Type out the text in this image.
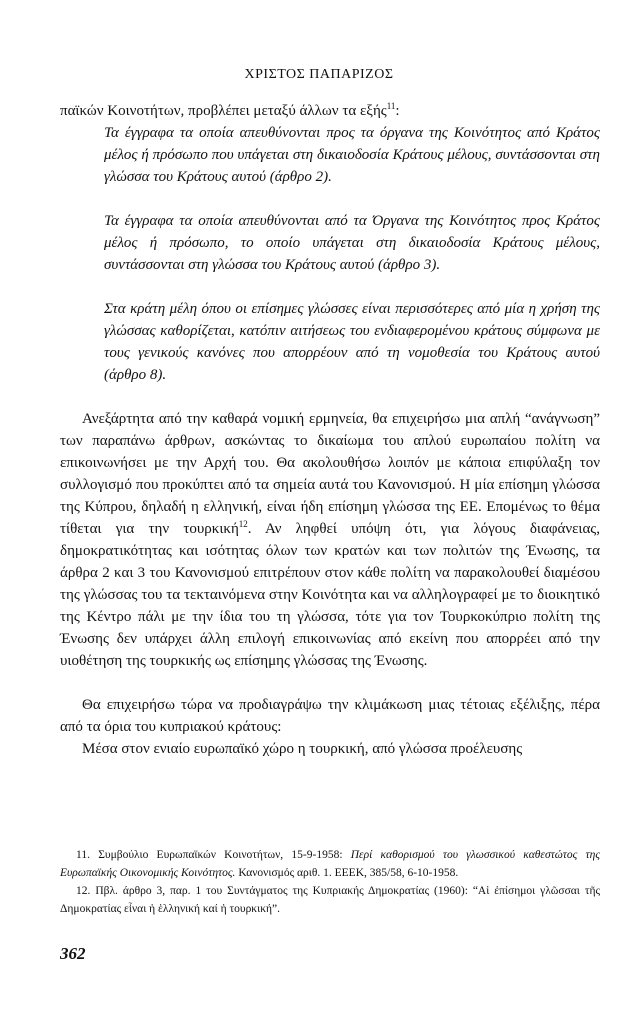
ΧΡΙΣΤΟΣ ΠΑΠΑΡΙΖΟΣ

παϊκών Κοινοτήτων, προβλέπει μεταξύ άλλων τα εξής$^{11}$:

Τα έγγραφα τα οποία απευθύνονται προς τα όργανα της Κοινότητος από Κράτος μέλος ή πρόσωπο που υπάγεται στη δικαιοδοσία Κράτους μέλους, συντάσσονται στη γλώσσα του Κράτους αυτού (άρθρο 2).

Τα έγγραφα τα οποία απευθύνονται από τα Όργανα της Κοινότητος προς Κράτος μέλος ή πρόσωπο, το οποίο υπάγεται στη δικαιοδοσία Κράτους μέλους, συντάσσονται στη γλώσσα του Κράτους αυτού (άρθρο 3).

Στα κράτη μέλη όπου οι επίσημες γλώσσες είναι περισσότερες από μία η χρήση της γλώσσας καθορίζεται, κατόπιν αιτήσεως του ενδιαφερομένου κράτους σύμφωνα με τους γενικούς κανόνες που απορρέουν από τη νομοθεσία του Κράτους αυτού (άρθρο 8).

Ανεξάρτητα από την καθαρά νομική ερμηνεία, θα επιχειρήσω μια απλή “ανάγνωση” των παραπάνω άρθρων, ασκώντας το δικαίωμα του απλού ευρωπαίου πολίτη να επικοινωνήσει με την Αρχή του. Θα ακολουθήσω λοιπόν με κάποια επιφύλαξη τον συλλογισμό που προκύπτει από τα σημεία αυτά του Κανονισμού. Η μία επίσημη γλώσσα της Κύπρου, δηλαδή η ελληνική, είναι ήδη επίσημη γλώσσα της ΕΕ. Επομένως το θέμα τίθεται για την τουρκική$^{12}$. Αν ληφθεί υπόψη ότι, για λόγους διαφάνειας, δημοκρατικότητας και ισότητας όλων των κρατών και των πολιτών της Ένωσης, τα άρθρα 2 και 3 του Κανονισμού επιτρέπουν στον κάθε πολίτη να παρακολουθεί διαμέσου της γλώσσας του τα τεκταινόμενα στην Κοινότητα και να αλληλογραφεί με το διοικητικό της Κέντρο πάλι με την ίδια του τη γλώσσα, τότε για τον Τουρκοκύπριο πολίτη της Ένωσης δεν υπάρχει άλλη επιλογή επικοινωνίας από εκείνη που απορρέει από την υιοθέτηση της τουρκικής ως επίσημης γλώσσας της Ένωσης.

Θα επιχειρήσω τώρα να προδιαγράψω την κλιμάκωση μιας τέτοιας εξέλιξης, πέρα από τα όρια του κυπριακού κράτους:

Μέσα στον ενιαίο ευρωπαϊκό χώρο η τουρκική, από γλώσσα προέλευσης

11. Συμβούλιο Ευρωπαϊκών Κοινοτήτων, 15-9-1958: Περί καθορισμού του γλωσσικού καθεστώτος της Ευρωπαϊκής Οικονομικής Κοινότητος. Κανονισμός αριθ. 1. ΕΕΕΚ, 385/58, 6-10-1958.

12. Πβλ. άρθρο 3, παρ. 1 του Συντάγματος της Κυπριακής Δημοκρατίας (1960): “Αἱ ἐπίσημοι γλῶσσαι τῆς Δημοκρατίας εἶναι ἡ ἑλληνική καί ἡ τουρκική”.

362
